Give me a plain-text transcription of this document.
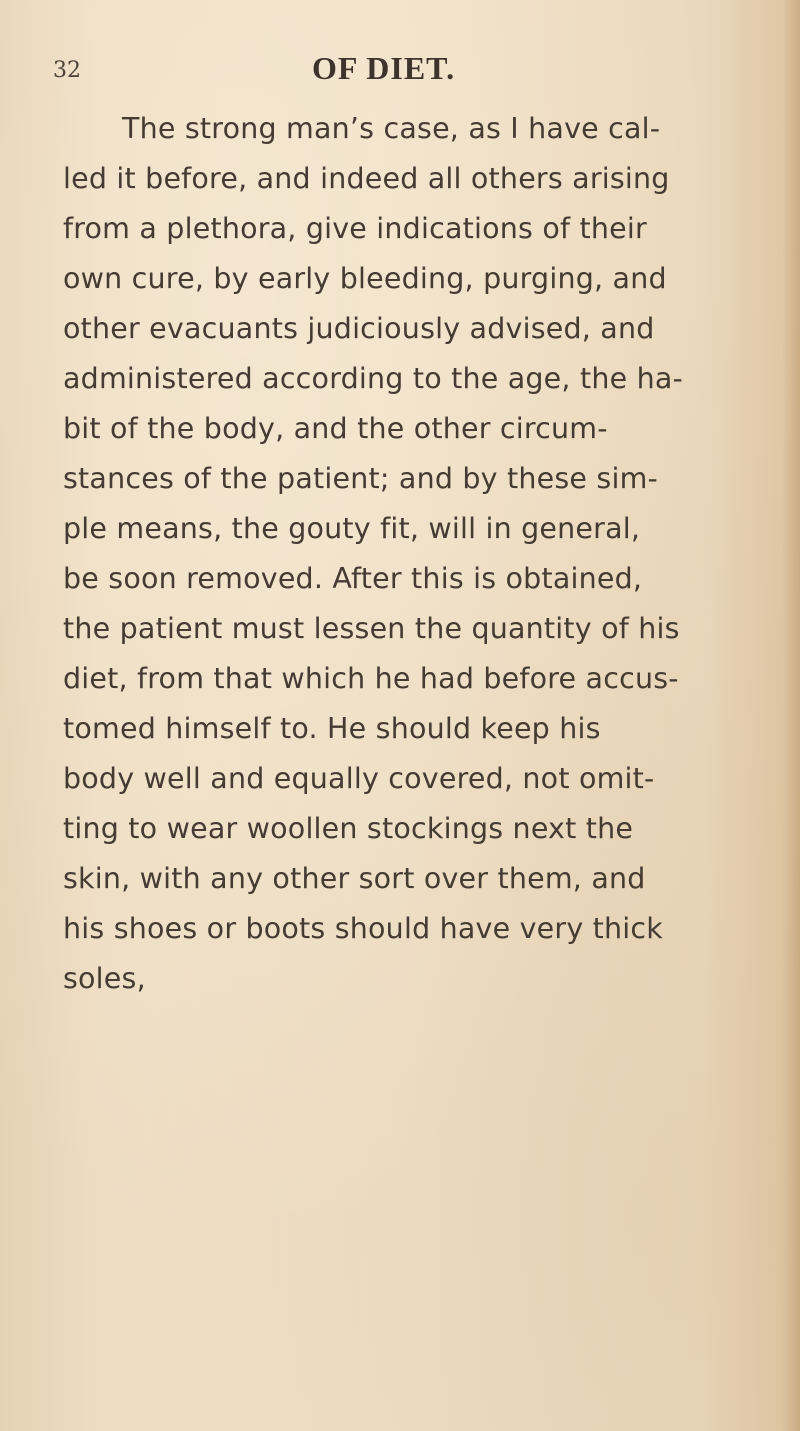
32	OF DIET.

The strong man’s case, as I have cal-
led it before, and indeed all others arising
from a plethora, give indications of their
own cure, by early bleeding, purging, and
other evacuants judiciously advised, and
administered according to the age, the ha-
bit of the body, and the other circum-
stances of the patient; and by these sim-
ple means, the gouty fit, will in general,
be soon removed. After this is obtained,
the patient must lessen the quantity of his
diet, from that which he had before accus-
tomed himself to. He should keep his
body well and equally covered, not omit-
ting to wear woollen stockings next the
skin, with any other sort over them, and
his shoes or boots should have very thick
soles,
